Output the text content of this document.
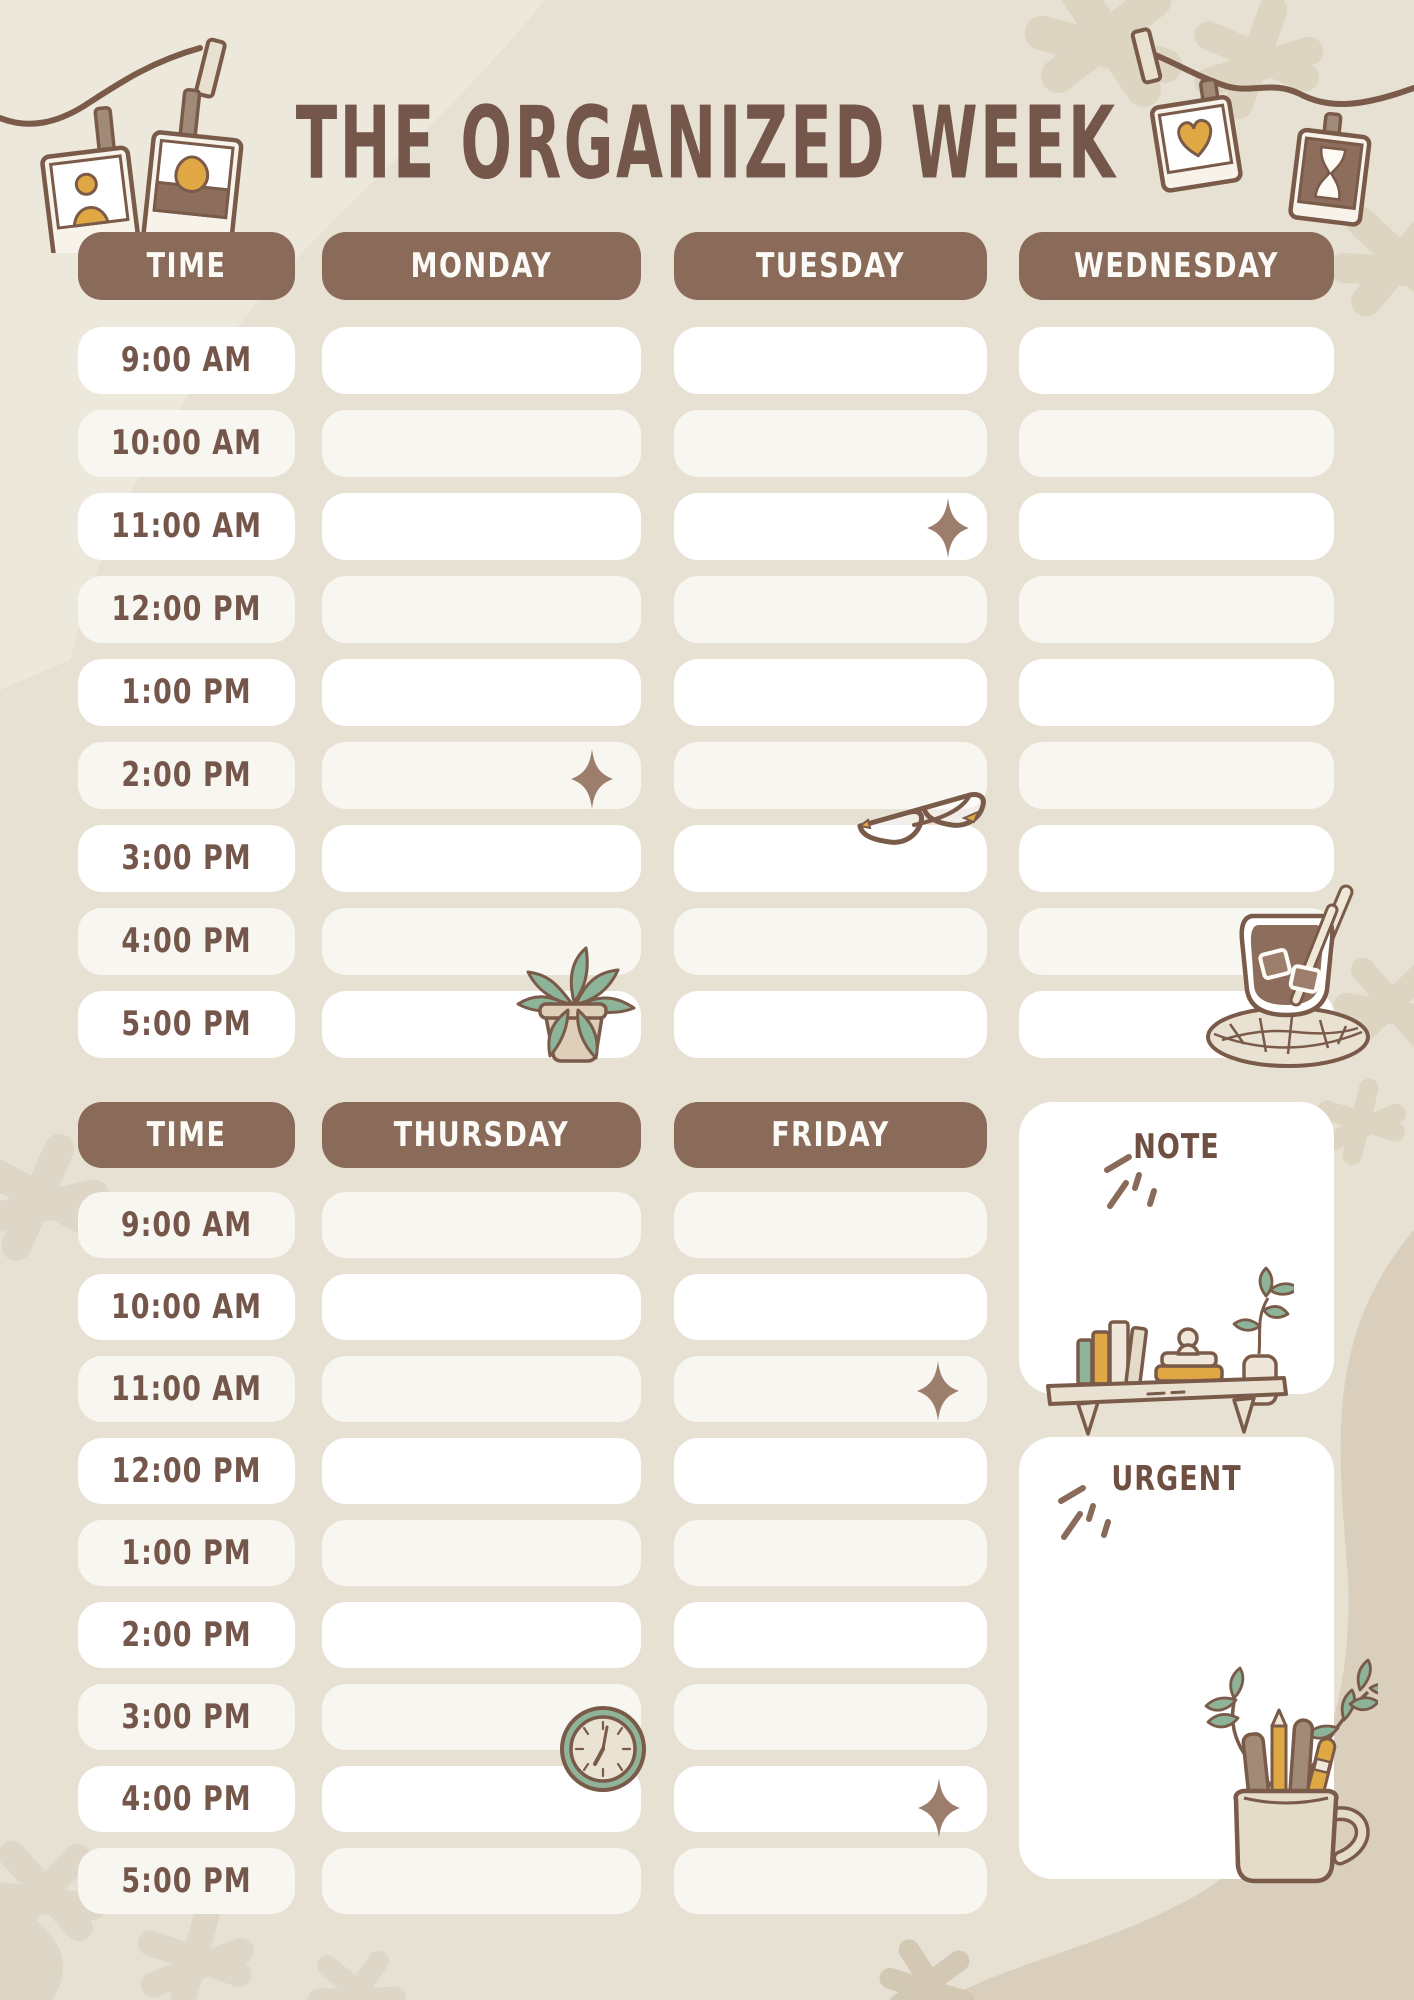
THE ORGANIZED WEEK
TIME	MONDAY	TUESDAY	WEDNESDAY
9:00 AM
10:00 AM
11:00 AM
12:00 PM
1:00 PM
2:00 PM
3:00 PM
4:00 PM
5:00 PM
TIME	THURSDAY	FRIDAY
9:00 AM
10:00 AM
11:00 AM
12:00 PM
1:00 PM
2:00 PM
3:00 PM
4:00 PM
5:00 PM
NOTE
URGENT
